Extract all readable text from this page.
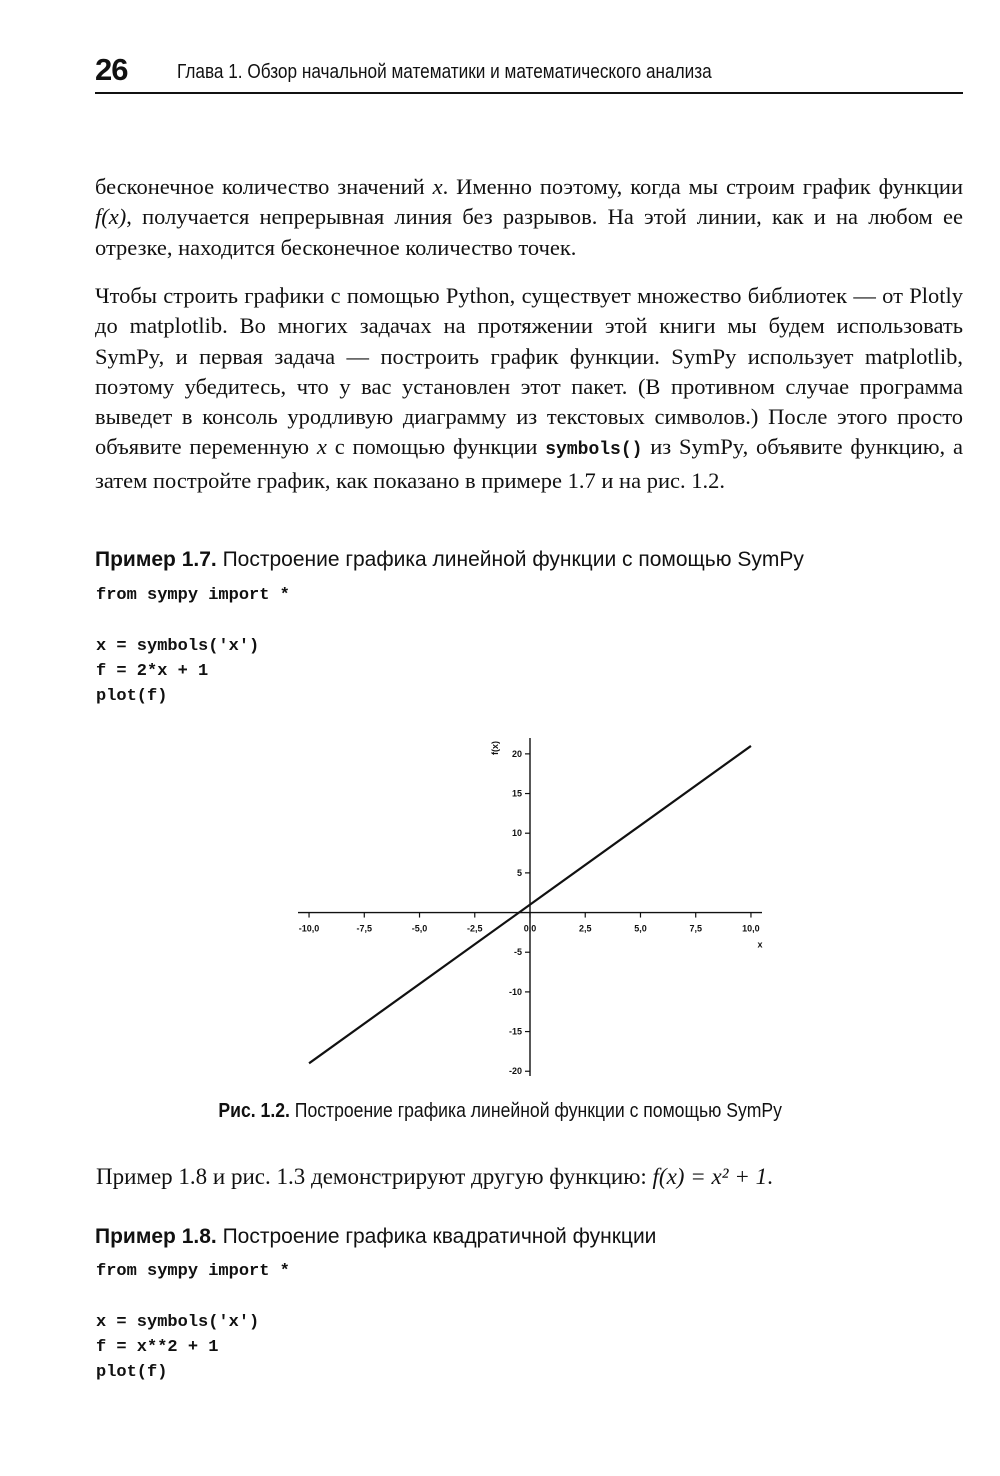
26 Глава 1. Обзор начальной математики и математического анализа

бесконечное количество значений x. Именно поэтому, когда мы строим график функции f(x), получается непрерывная линия без разрывов. На этой линии, как и на любом ее отрезке, находится бесконечное количество точек.

Чтобы строить графики с помощью Python, существует множество библиотек — от Plotly до matplotlib. Во многих задачах на протяжении этой книги мы будем использовать SymPy, и первая задача — построить график функции. SymPy использует matplotlib, поэтому убедитесь, что у вас установлен этот пакет. (В противном случае программа выведет в консоль уродливую диаграмму из текстовых символов.) После этого просто объявите переменную x с помощью функции symbols() из SymPy, объявите функцию, а затем постройте график, как показано в примере 1.7 и на рис. 1.2.

Пример 1.7. Построение графика линейной функции с помощью SymPy
from sympy import *

x = symbols('x')
f = 2*x + 1
plot(f)
-10,0	-7,5	-5,0	-2,5	0,0	2,5	5,0	7,5	10,0
-20
-15
-10
-5
5
10
15
20
x
f(x)
Рис. 1.2. Построение графика линейной функции с помощью SymPy
Пример 1.8 и рис. 1.3 демонстрируют другую функцию: f(x) = x² + 1.
Пример 1.8. Построение графика квадратичной функции
from sympy import *

x = symbols('x')
f = x**2 + 1
plot(f)
